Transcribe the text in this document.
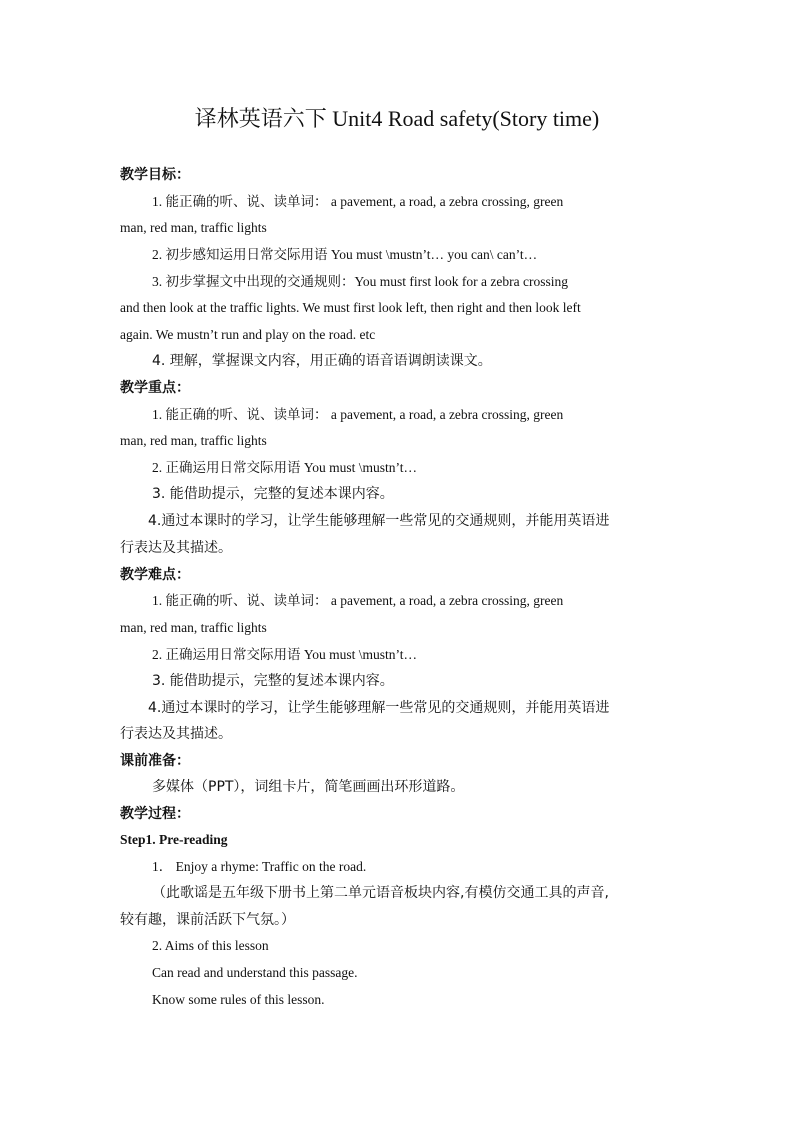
译林英语六下 Unit4 Road safety(Story time)
教学目标：
1. 能正确的听、说、读单词： a pavement, a road, a zebra crossing, green
man, red man, traffic lights
2. 初步感知运用日常交际用语 You must \mustn’t… you can\ can’t…
3. 初步掌握文中出现的交通规则：You must first look for a zebra crossing
and then look at the traffic lights. We must first look left, then right and then look left
again. We mustn’t run and play on the road. etc
4. 理解，掌握课文内容，用正确的语音语调朗读课文。
教学重点：
1. 能正确的听、说、读单词： a pavement, a road, a zebra crossing, green
man, red man, traffic lights
2. 正确运用日常交际用语 You must \mustn’t…
3. 能借助提示，完整的复述本课内容。
4.通过本课时的学习，让学生能够理解一些常见的交通规则，并能用英语进
行表达及其描述。
教学难点：
1. 能正确的听、说、读单词： a pavement, a road, a zebra crossing, green
man, red man, traffic lights
2. 正确运用日常交际用语 You must \mustn’t…
3. 能借助提示，完整的复述本课内容。
4.通过本课时的学习，让学生能够理解一些常见的交通规则，并能用英语进
行表达及其描述。
课前准备：
多媒体（PPT），词组卡片，简笔画画出环形道路。
教学过程：
Step1. Pre-reading
1． Enjoy a rhyme: Traffic on the road.
（此歌谣是五年级下册书上第二单元语音板块内容,有模仿交通工具的声音,
较有趣，课前活跃下气氛。）
2. Aims of this lesson
Can read and understand this passage.
Know some rules of this lesson.
